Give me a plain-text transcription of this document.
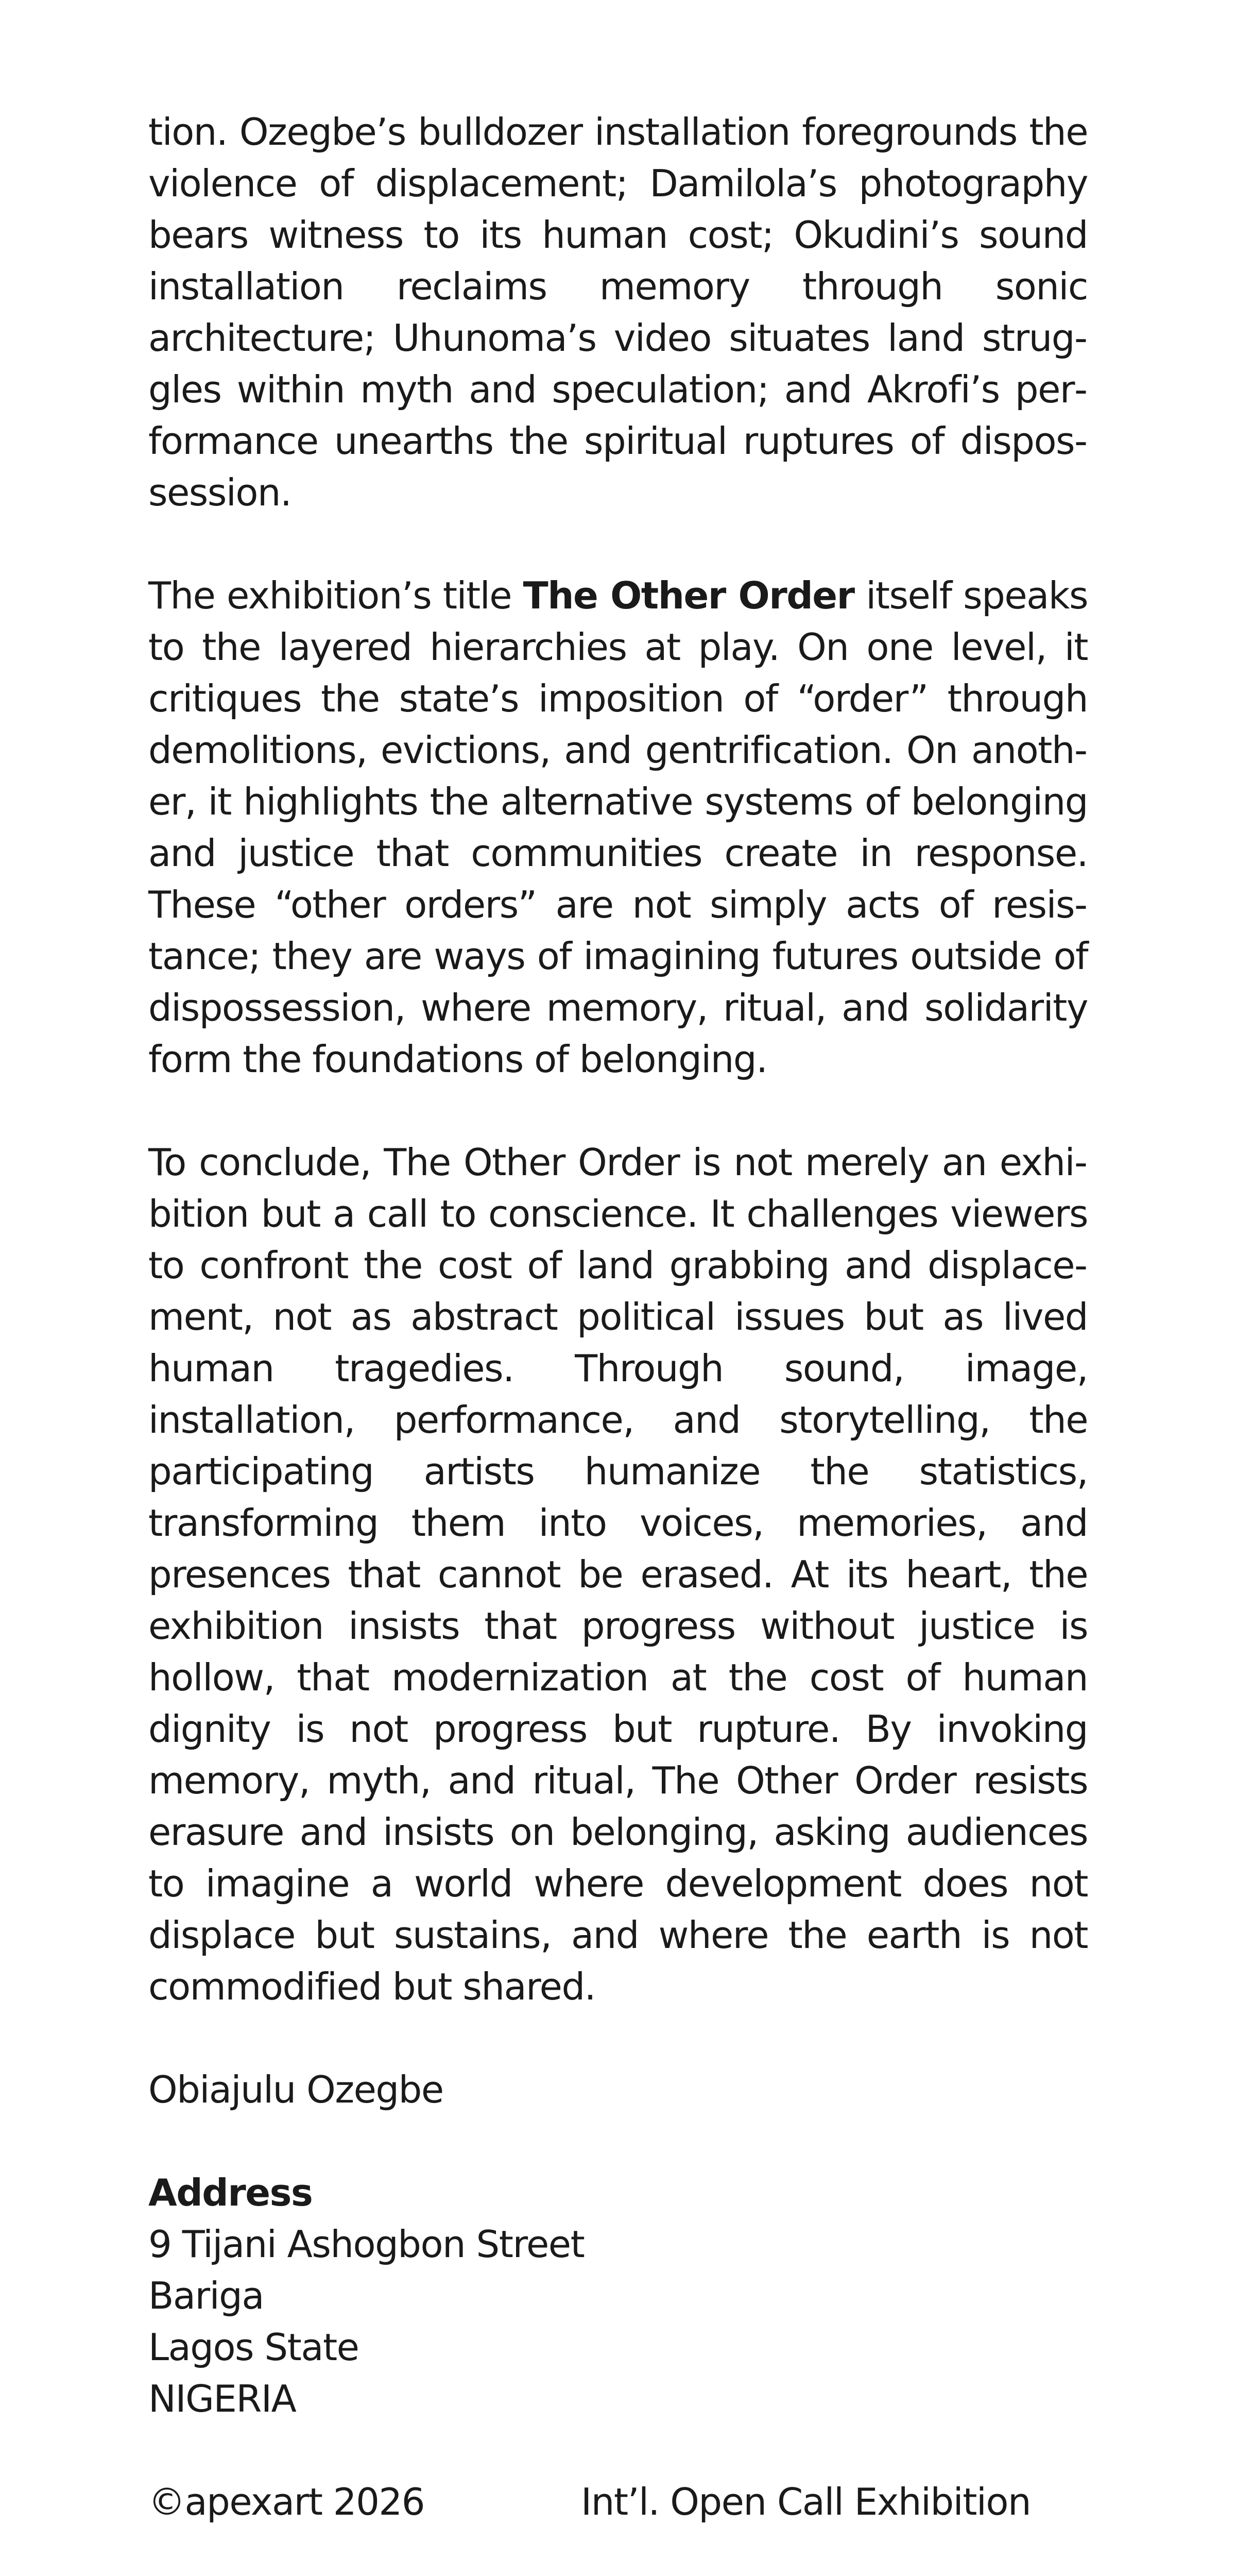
tion. Ozegbe’s bulldozer installation foregrounds the violence of displacement; Damilola’s photography bears witness to its human cost; Okudini’s sound installation reclaims memory through sonic architecture; Uhunoma’s video situates land struggles within myth and speculation; and Akrofi’s performance unearths the spiritual ruptures of dispossession.

The exhibition’s title The Other Order itself speaks to the layered hierarchies at play. On one level, it critiques the state’s imposition of “order” through demolitions, evictions, and gentrification. On another, it highlights the alternative systems of belonging and justice that communities create in response. These “other orders” are not simply acts of resistance; they are ways of imagining futures outside of dispossession, where memory, ritual, and solidarity form the foundations of belonging.

To conclude, The Other Order is not merely an exhibition but a call to conscience. It challenges viewers to confront the cost of land grabbing and displacement, not as abstract political issues but as lived human tragedies. Through sound, image, installation, performance, and storytelling, the participating artists humanize the statistics, transforming them into voices, memories, and presences that cannot be erased. At its heart, the exhibition insists that progress without justice is hollow, that modernization at the cost of human dignity is not progress but rupture. By invoking memory, myth, and ritual, The Other Order resists erasure and insists on belonging, asking audiences to imagine a world where development does not displace but sustains, and where the earth is not commodified but shared.

Obiajulu Ozegbe
Address
9 Tijani Ashogbon Street
Bariga
Lagos State
NIGERIA
©apexart 2026	Int’l. Open Call Exhibition
